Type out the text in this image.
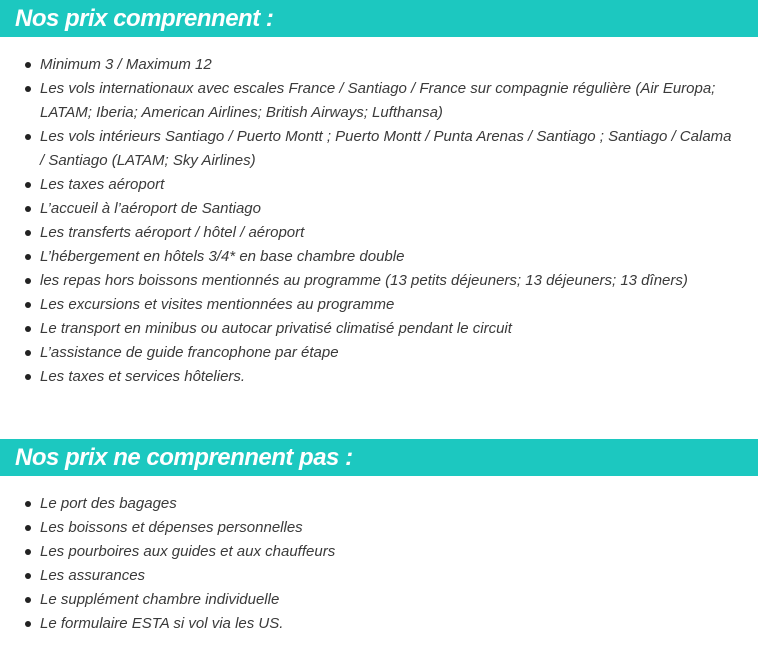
Nos prix comprennent :
Minimum 3 / Maximum 12
Les vols internationaux avec escales France / Santiago / France sur compagnie régulière (Air Europa; LATAM; Iberia; American Airlines; British Airways; Lufthansa)
Les vols intérieurs Santiago / Puerto Montt ; Puerto Montt / Punta Arenas / Santiago ; Santiago / Calama / Santiago (LATAM; Sky Airlines)
Les taxes aéroport
L’accueil à l’aéroport de Santiago
Les transferts aéroport / hôtel / aéroport
L’hébergement en hôtels 3/4* en base chambre double
les repas hors boissons mentionnés au programme (13 petits déjeuners; 13 déjeuners; 13 dîners)
Les excursions et visites mentionnées au programme
Le transport en minibus ou autocar privatisé climatisé pendant le circuit
L’assistance de guide francophone par étape
Les taxes et services hôteliers.
Nos prix ne comprennent pas :
Le port des bagages
Les boissons et dépenses personnelles
Les pourboires aux guides et aux chauffeurs
Les assurances
Le supplément chambre individuelle
Le formulaire ESTA si vol via les US.
